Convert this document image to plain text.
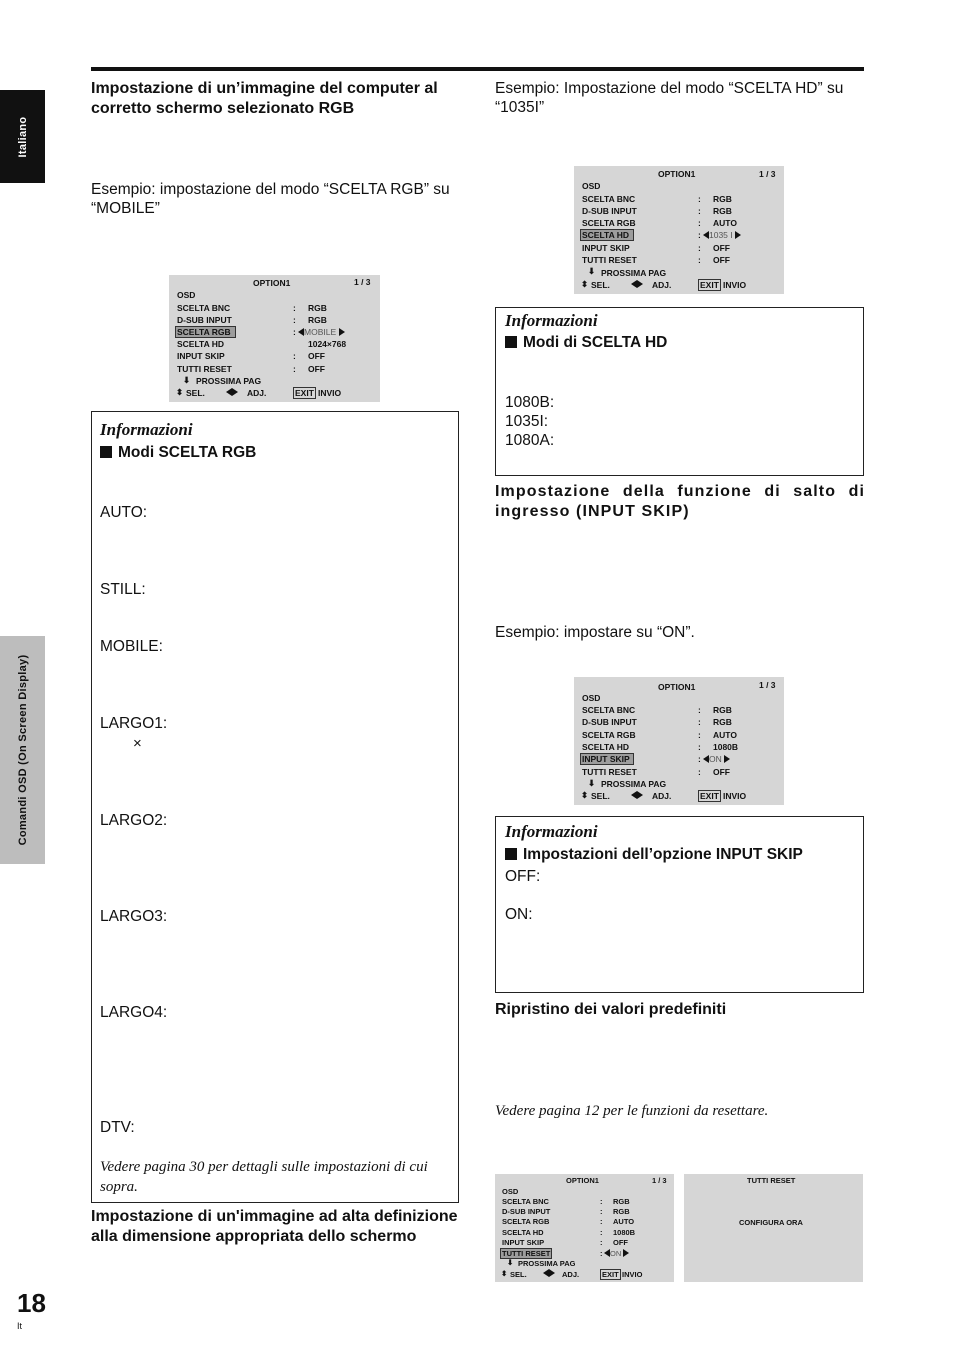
Italiano
Comandi OSD (On Screen Display)
Impostazione di un’immagine del computer al corretto schermo selezionato RGB
Esempio: impostazione del modo “SCELTA RGB” su “MOBILE”
OPTION1	1 / 3
OSD
SCELTA BNC	: RGB
D-SUB INPUT	: RGB
SCELTA RGB	: MOBILE
SCELTA HD	1024×768
INPUT SKIP	: OFF
TUTTI RESET	: OFF
⬇ PROSSIMA PAG
⬍ SEL.	ADJ.	EXIT INVIO
Informazioni
Modi SCELTA RGB
AUTO:
STILL:
MOBILE:
LARGO1:
×
LARGO2:
LARGO3:
LARGO4:
DTV:
Vedere pagina 30 per dettagli sulle impostazioni di cui sopra.
Impostazione di un'immagine ad alta definizione alla dimensione appropriata dello schermo
Esempio: Impostazione del modo “SCELTA HD” su “1035I”
OPTION1	1 / 3
OSD
SCELTA BNC	: RGB
D-SUB INPUT	: RGB
SCELTA RGB	: AUTO
SCELTA HD	: 1035 I
INPUT SKIP	: OFF
TUTTI RESET	: OFF
⬇ PROSSIMA PAG
⬍ SEL.	ADJ.	EXIT INVIO
Informazioni
Modi di SCELTA HD
1080B:
1035I:
1080A:
Impostazione della funzione di salto di ingresso (INPUT SKIP)
Esempio: impostare su “ON”.
OPTION1	1 / 3
OSD
SCELTA BNC	: RGB
D-SUB INPUT	: RGB
SCELTA RGB	: AUTO
SCELTA HD	: 1080B
INPUT SKIP	: ON
TUTTI RESET	: OFF
⬇ PROSSIMA PAG
⬍ SEL.	ADJ.	EXIT INVIO
Informazioni
Impostazioni dell’opzione INPUT SKIP
OFF:
ON:
Ripristino dei valori predefiniti
Vedere pagina 12 per le funzioni da resettare.
OPTION1	1 / 3
OSD
SCELTA BNC	: RGB
D-SUB INPUT	: RGB
SCELTA RGB	: AUTO
SCELTA HD	: 1080B
INPUT SKIP	: OFF
TUTTI RESET	:	ON
⬇ PROSSIMA PAG
⬍ SEL.	ADJ.	EXIT INVIO
TUTTI RESET
CONFIGURA ORA
18
It
